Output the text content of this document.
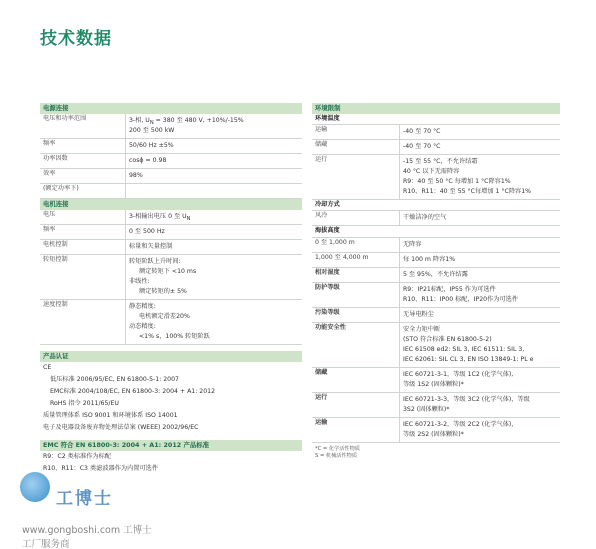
技术数据
电源连接
电压和功率范围	3-相, $U_N = 380$ 至 480 V, +10%/-15%
200 至 500 kW
频率	50/60 Hz ±5%
功率因数	cosϕ = 0.98
效率	98%
(额定功率下)

电机连接
电压	3-相输出电压 0 至 $U_N$
频率	0 至 500 Hz
电机控制	标量和矢量控制
转矩控制	转矩阶跃上升时间:
额定转矩下 <10 ms
非线性:
额定转矩的± 5%
速度控制	静态精度:
电机额定滑差20%
动态精度:
<1% s，100% 转矩阶跃
产品认证
CE
低压标准 2006/95/EC, EN 61800-5-1: 2007
EMC标准 2004/108/EC, EN 61800-3: 2004 + A1: 2012
RoHS 指令 2011/65/EU
质量管理体系 ISO 9001 和环境体系 ISO 14001
电子及电器设备废弃物处理法草案 (WEEE) 2002/96/EC
EMC 符合 EN 61800-3: 2004 + A1: 2012 产品标准
R9：C2 类标准作为标配
R10、R11：C3 类滤波器作为内置可选件
环境限制
环境温度
运输	-40 至 70 °C
储藏	-40 至 70 °C
运行	-15 至 55 °C，不允许结霜
40 °C 以下无需降容
R9：40 至 50 °C 每增加 1 °C降容1%
R10、R11：40 至 55 °C每增加 1 °C降容1%
冷却方式
风冷	干燥洁净的空气
海拔高度
0 至 1,000 m	无降容
1,000 至 4,000 m	每 100 m 降容1%
相对湿度	5 至 95%，不允许结露
防护等级	R9：IP21标配，IP55 作为可选件
R10、R11：IP00 标配，IP20作为可选件
污染等级	无导电粉尘
功能安全性	安全力矩中断
(STO 符合标准 EN 61800-5-2)
IEC 61508 ed2: SIL 3, IEC 61511: SIL 3,
IEC 62061: SIL CL 3, EN ISO 13849-1: PL e
储藏	IEC 60721-3-1，等级 1C2 (化学气体),
等级 1S2 (固体颗粒)*
运行	IEC 60721-3-3，等级 3C2 (化学气体)，等级
3S2 (固体颗粒)*
运输	IEC 60721-3-2，等级 2C2 (化学气体)，
等级 2S2 (固体颗粒)*
*C = 化学活性物质
S = 机械活性物质
工博士
www.gongboshi.com 工博士工厂服务商
